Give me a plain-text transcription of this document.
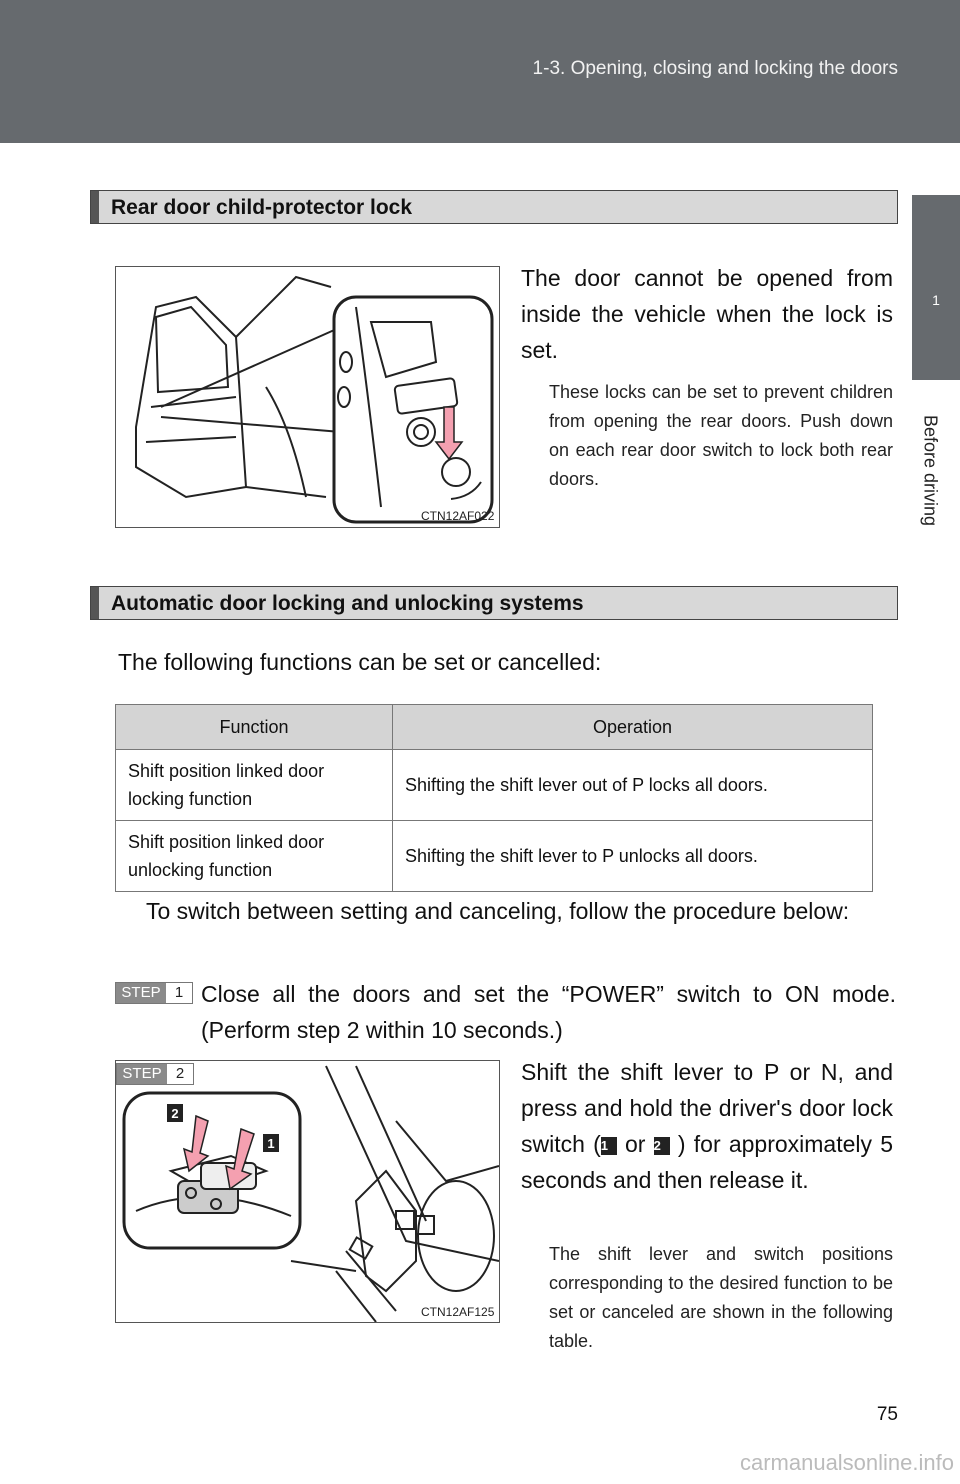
1-3. Opening, closing and locking the doors
75
1
Before driving
Rear door child-protector lock
CTN12AF022
The door cannot be opened from inside the vehicle when the lock is set.
These locks can be set to prevent children from opening the rear doors. Push down on each rear door switch to lock both rear doors.
Automatic door locking and unlocking systems
The following functions can be set or cancelled:
Function	Operation
Shift position linked door locking function	Shifting the shift lever out of P locks all doors.
Shift position linked door unlocking function	Shifting the shift lever to P unlocks all doors.
To switch between setting and canceling, follow the procedure below:
STEP 1 Close all the doors and set the “POWER” switch to ON mode. (Perform step 2 within 10 seconds.)
2
1
STEP 2
CTN12AF125
Shift the shift lever to P or N, and press and hold the driver's door lock switch (1 or 2 ) for approximately 5 seconds and then release it.
The shift lever and switch positions corresponding to the desired function to be set or canceled are shown in the following table.
carmanualsonline.info
